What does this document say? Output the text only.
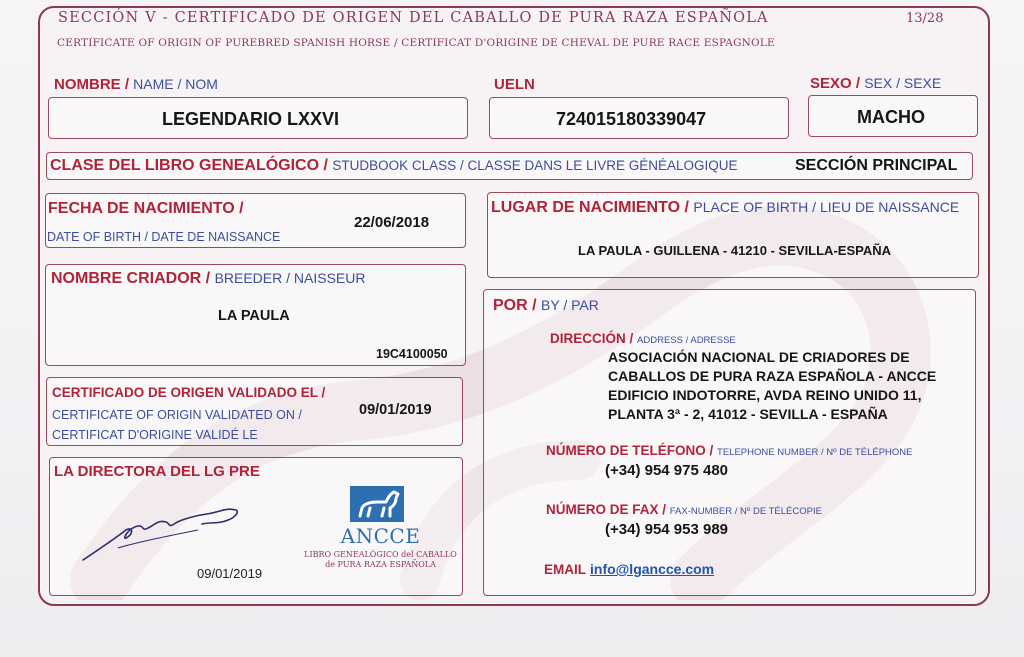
SECCIÓN V - CERTIFICADO DE ORIGEN DEL CABALLO DE PURA RAZA ESPAÑOLA	13/28
CERTIFICATE OF ORIGIN OF PUREBRED SPANISH HORSE / CERTIFICAT D'ORIGINE DE CHEVAL DE PURE RACE ESPAGNOLE
NOMBRE / NAME / NOM
LEGENDARIO LXXVI
UELN
724015180339047
SEXO / SEX / SEXE
MACHO
CLASE DEL LIBRO GENEALÓGICO / STUDBOOK CLASS / CLASSE DANS LE LIVRE GÉNÉALOGIQUE	SECCIÓN PRINCIPAL
FECHA DE NACIMIENTO /
DATE OF BIRTH / DATE DE NAISSANCE
22/06/2018
LUGAR DE NACIMIENTO / PLACE OF BIRTH / LIEU DE NAISSANCE
LA PAULA - GUILLENA - 41210 - SEVILLA-ESPAÑA
NOMBRE CRIADOR / BREEDER / NAISSEUR
LA PAULA
19C4100050
CERTIFICADO DE ORIGEN VALIDADO EL /
CERTIFICATE OF ORIGIN VALIDATED ON /
CERTIFICAT D'ORIGINE VALIDÉ LE
09/01/2019
LA DIRECTORA DEL LG PRE
09/01/2019
ANCCE
LIBRO GENEALÓGICO del CABALLO
de PURA RAZA ESPAÑOLA
POR / BY / PAR
DIRECCIÓN / ADDRESS / ADRESSE
ASOCIACIÓN NACIONAL DE CRIADORES DE
CABALLOS DE PURA RAZA ESPAÑOLA - ANCCE
EDIFICIO INDOTORRE, AVDA REINO UNIDO 11,
PLANTA 3ª - 2, 41012 - SEVILLA - ESPAÑA
NÚMERO DE TELÉFONO / TELEPHONE NUMBER / Nº DE TÉLÉPHONE
(+34) 954 975 480
NÚMERO DE FAX / FAX-NUMBER / Nº DE TÉLÉCOPIE
(+34) 954 953 989
EMAIL info@lgancce.com
